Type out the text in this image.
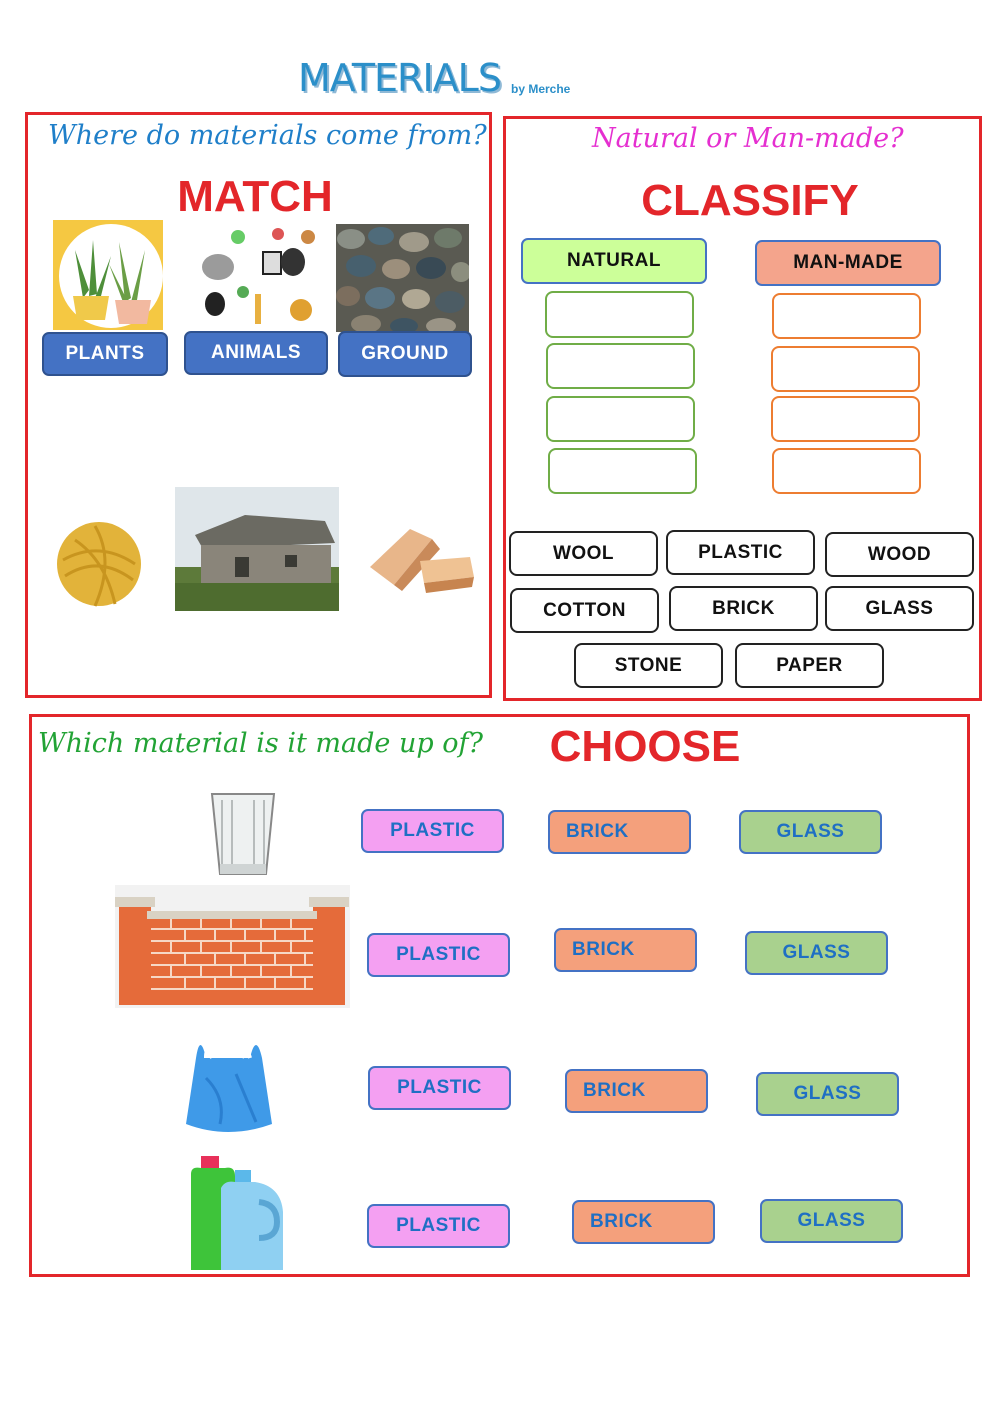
MATERIALS by Merche
Where do materials come from?
MATCH
PLANTS	ANIMALS	GROUND
Natural or Man-made?
CLASSIFY
NATURAL	MAN-MADE
WOOL	PLASTIC	WOOD
COTTON	BRICK	GLASS
STONE	PAPER
Which material is it made up of?	CHOOSE
PLASTIC	BRICK	GLASS
PLASTIC	BRICK	GLASS
PLASTIC	BRICK	GLASS
PLASTIC	BRICK	GLASS
